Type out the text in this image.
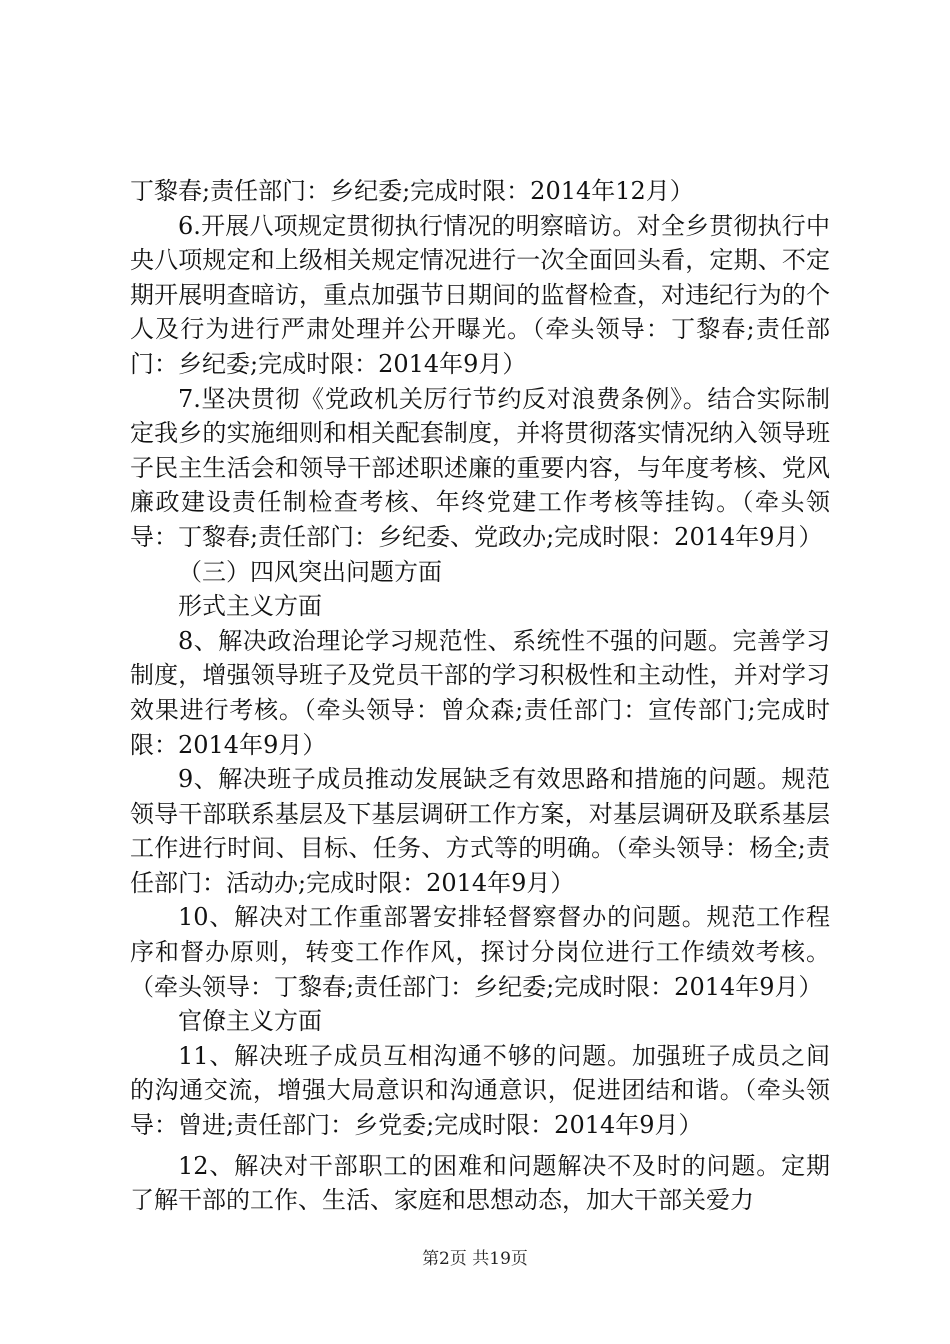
丁黎春;责任部门：乡纪委;完成时限：2014年12月）

6.开展八项规定贯彻执行情况的明察暗访。对全乡贯彻执行中央八项规定和上级相关规定情况进行一次全面回头看，定期、不定期开展明查暗访，重点加强节日期间的监督检查，对违纪行为的个人及行为进行严肃处理并公开曝光。（牵头领导：丁黎春;责任部门：乡纪委;完成时限：2014年9月）

7.坚决贯彻《党政机关厉行节约反对浪费条例》。结合实际制定我乡的实施细则和相关配套制度，并将贯彻落实情况纳入领导班子民主生活会和领导干部述职述廉的重要内容，与年度考核、党风廉政建设责任制检查考核、年终党建工作考核等挂钩。（牵头领导：丁黎春;责任部门：乡纪委、党政办;完成时限：2014年9月）

（三）四风突出问题方面

形式主义方面

8、解决政治理论学习规范性、系统性不强的问题。完善学习制度，增强领导班子及党员干部的学习积极性和主动性，并对学习效果进行考核。（牵头领导：曾众森;责任部门：宣传部门;完成时限：2014年9月）

9、解决班子成员推动发展缺乏有效思路和措施的问题。规范领导干部联系基层及下基层调研工作方案，对基层调研及联系基层工作进行时间、目标、任务、方式等的明确。（牵头领导：杨全;责任部门：活动办;完成时限：2014年9月）

10、解决对工作重部署安排轻督察督办的问题。规范工作程序和督办原则，转变工作作风，探讨分岗位进行工作绩效考核。（牵头领导：丁黎春;责任部门：乡纪委;完成时限：2014年9月）

官僚主义方面

11、解决班子成员互相沟通不够的问题。加强班子成员之间的沟通交流，增强大局意识和沟通意识，促进团结和谐。（牵头领导：曾进;责任部门：乡党委;完成时限：2014年9月）

12、解决对干部职工的困难和问题解决不及时的问题。定期了解干部的工作、生活、家庭和思想动态，加大干部关爱力

第2页 共19页
